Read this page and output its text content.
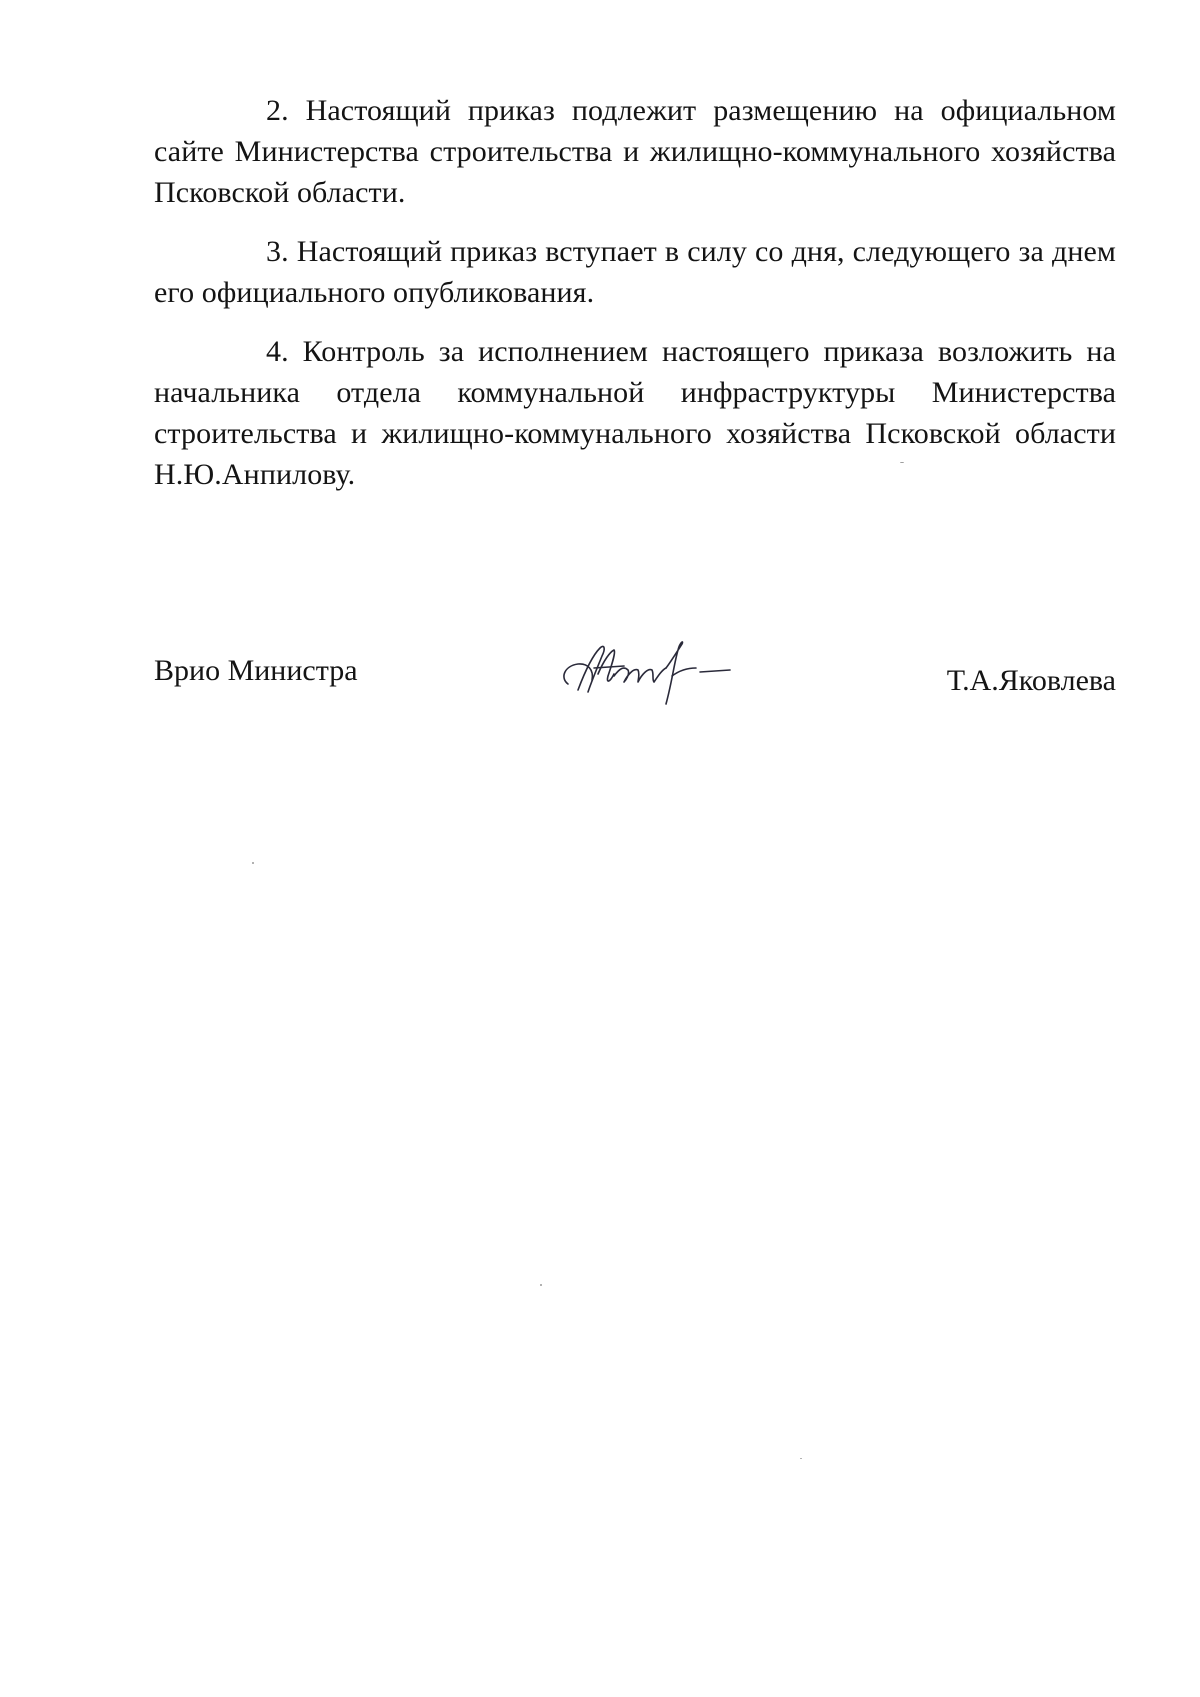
2. Настоящий приказ подлежит размещению на официальном сайте Министерства строительства и жилищно-коммунального хозяйства Псковской области.

3. Настоящий приказ вступает в силу со дня, следующего за днем его официального опубликования.

4. Контроль за исполнением настоящего приказа возложить на начальника отдела коммунальной инфраструктуры Министерства строительства и жилищно-коммунального хозяйства Псковской области Н.Ю.Анпилову.

Врио Министра	Т.А.Яковлева
